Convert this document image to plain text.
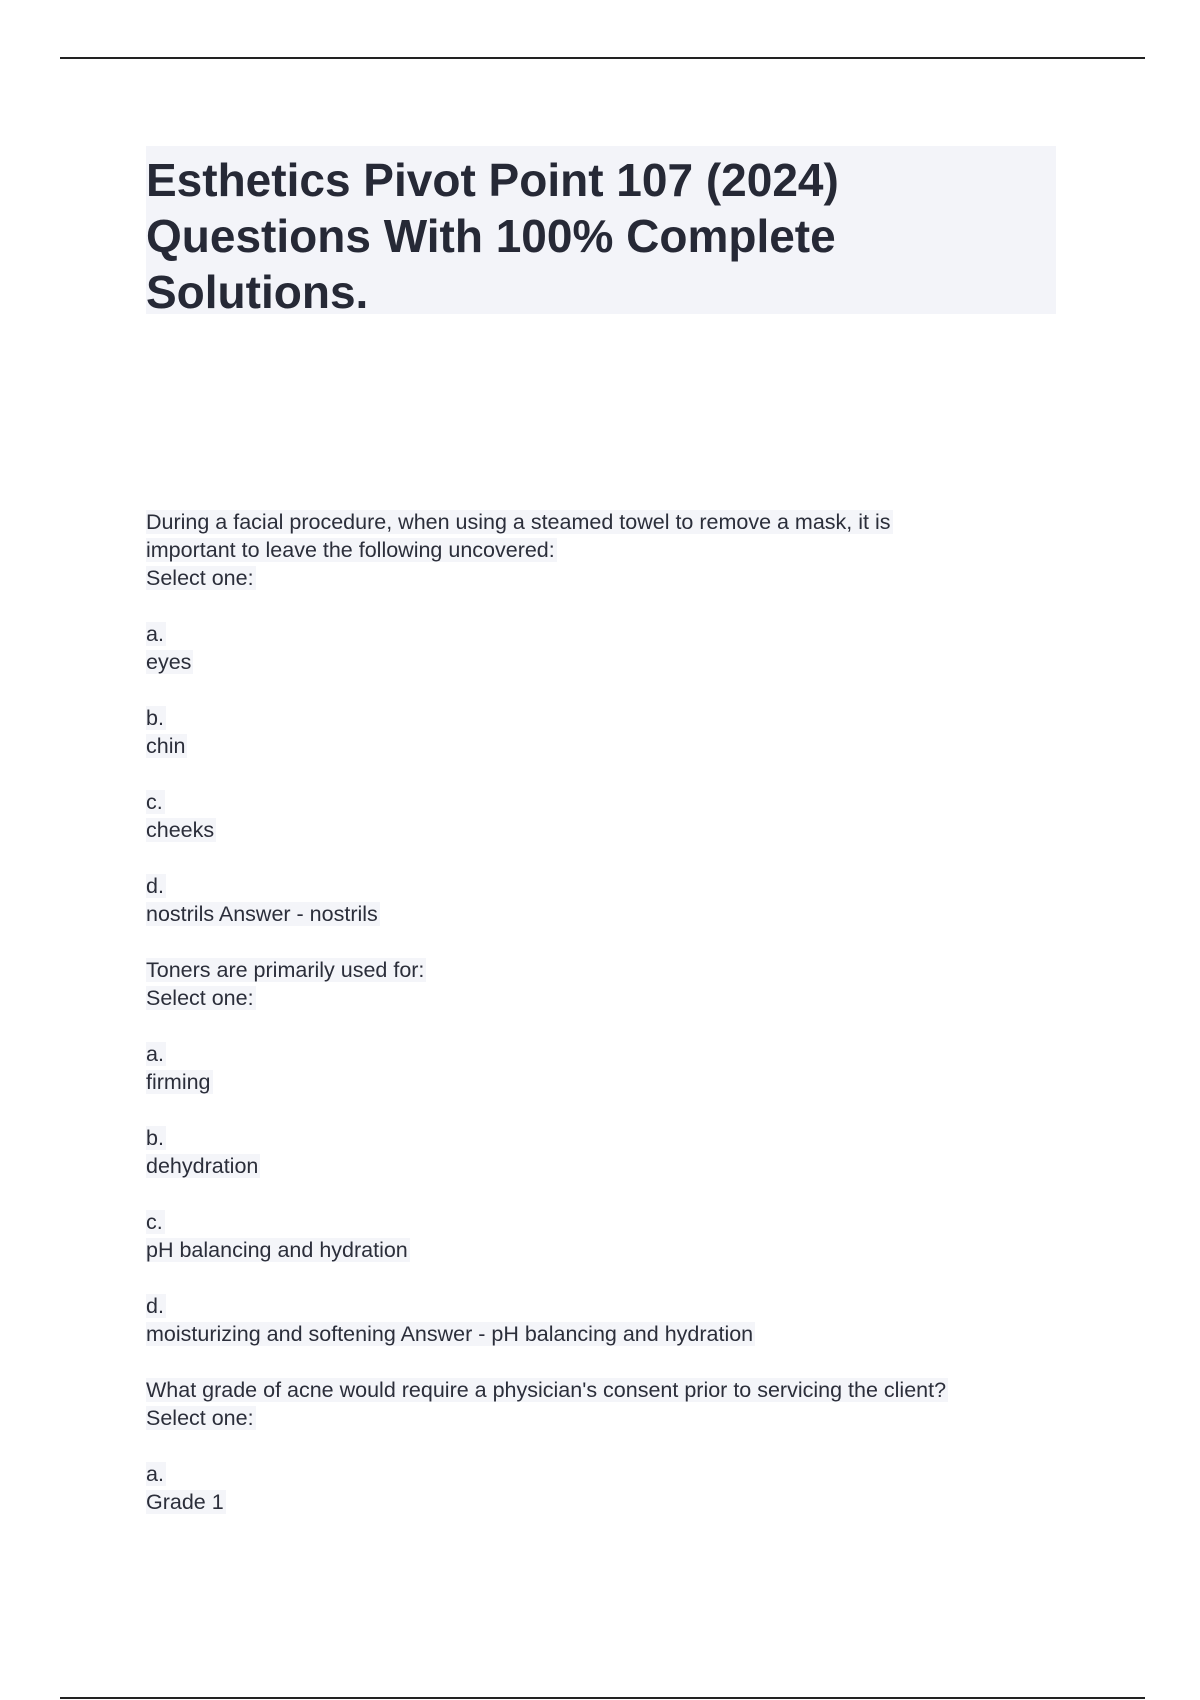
Esthetics Pivot Point 107 (2024)
Questions With 100% Complete
Solutions.
During a facial procedure, when using a steamed towel to remove a mask, it is
important to leave the following uncovered:
Select one:
a.
eyes
b.
chin
c.
cheeks
d.
nostrils Answer - nostrils
Toners are primarily used for:
Select one:
a.
firming
b.
dehydration
c.
pH balancing and hydration
d.
moisturizing and softening Answer - pH balancing and hydration
What grade of acne would require a physician's consent prior to servicing the client?
Select one:
a.
Grade 1
